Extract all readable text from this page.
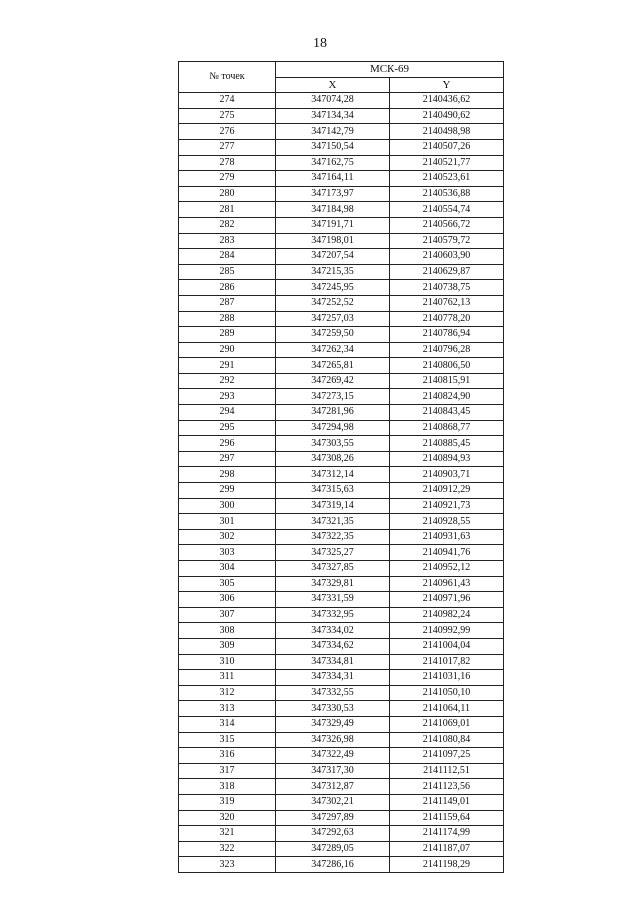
18
№ точек	МСК-69	
	X	Y
274	347074,28	2140436,62
275	347134,34	2140490,62
276	347142,79	2140498,98
277	347150,54	2140507,26
278	347162,75	2140521,77
279	347164,11	2140523,61
280	347173,97	2140536,88
281	347184,98	2140554,74
282	347191,71	2140566,72
283	347198,01	2140579,72
284	347207,54	2140603,90
285	347215,35	2140629,87
286	347245,95	2140738,75
287	347252,52	2140762,13
288	347257,03	2140778,20
289	347259,50	2140786,94
290	347262,34	2140796,28
291	347265,81	2140806,50
292	347269,42	2140815,91
293	347273,15	2140824,90
294	347281,96	2140843,45
295	347294,98	2140868,77
296	347303,55	2140885,45
297	347308,26	2140894,93
298	347312,14	2140903,71
299	347315,63	2140912,29
300	347319,14	2140921,73
301	347321,35	2140928,55
302	347322,35	2140931,63
303	347325,27	2140941,76
304	347327,85	2140952,12
305	347329,81	2140961,43
306	347331,59	2140971,96
307	347332,95	2140982,24
308	347334,02	2140992,99
309	347334,62	2141004,04
310	347334,81	2141017,82
311	347334,31	2141031,16
312	347332,55	2141050,10
313	347330,53	2141064,11
314	347329,49	2141069,01
315	347326,98	2141080,84
316	347322,49	2141097,25
317	347317,30	2141112,51
318	347312,87	2141123,56
319	347302,21	2141149,01
320	347297,89	2141159,64
321	347292,63	2141174,99
322	347289,05	2141187,07
323	347286,16	2141198,29
